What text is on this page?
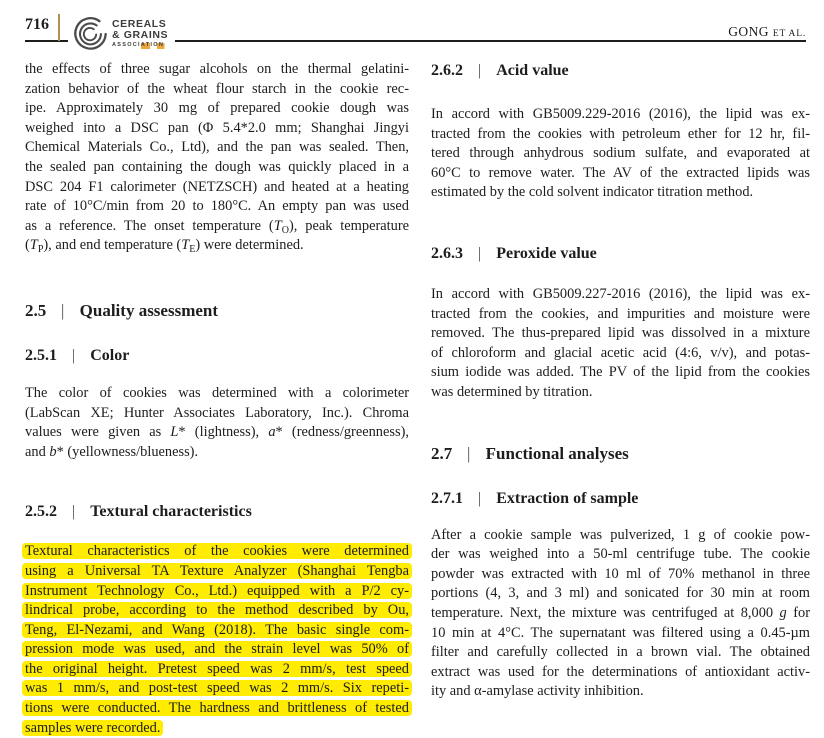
716	CEREALS
& GRAINS
ASSOCIATION
GONG ET AL.
the effects of three sugar alcohols on the thermal gelatini-
zation behavior of the wheat flour starch in the cookie rec-
ipe. Approximately 30 mg of prepared cookie dough was
weighed into a DSC pan (Φ 5.4*2.0 mm; Shanghai Jingyi
Chemical Materials Co., Ltd), and the pan was sealed. Then,
the sealed pan containing the dough was quickly placed in a
DSC 204 F1 calorimeter (NETZSCH) and heated at a heating
rate of 10°C/min from 20 to 180°C. An empty pan was used
as a reference. The onset temperature $(T_O)$, peak temperature
$(T_P)$, and end temperature $(T_E)$ were determined.
2.5 | Quality assessment
2.5.1 | Color
The color of cookies was determined with a colorimeter
(LabScan XE; Hunter Associates Laboratory, Inc.). Chroma
values were given as L* (lightness), a* (redness/greenness),
and b* (yellowness/blueness).
2.5.2 | Textural characteristics
Textural characteristics of the cookies were determined
using a Universal TA Texture Analyzer (Shanghai Tengba
Instrument Technology Co., Ltd.) equipped with a P/2 cy-
lindrical probe, according to the method described by Ou,
Teng, El-Nezami, and Wang (2018). The basic single com-
pression mode was used, and the strain level was 50% of
the original height. Pretest speed was 2 mm/s, test speed
was 1 mm/s, and post-test speed was 2 mm/s. Six repeti-
tions were conducted. The hardness and brittleness of tested
samples were recorded.
2.6.2 | Acid value
In accord with GB5009.229-2016 (2016), the lipid was ex-
tracted from the cookies with petroleum ether for 12 hr, fil-
tered through anhydrous sodium sulfate, and evaporated at
60°C to remove water. The AV of the extracted lipids was
estimated by the cold solvent indicator titration method.
2.6.3 | Peroxide value
In accord with GB5009.227-2016 (2016), the lipid was ex-
tracted from the cookies, and impurities and moisture were
removed. The thus-prepared lipid was dissolved in a mixture
of chloroform and glacial acetic acid (4:6, v/v), and potas-
sium iodide was added. The PV of the lipid from the cookies
was determined by titration.
2.7 | Functional analyses
2.7.1 | Extraction of sample
After a cookie sample was pulverized, 1 g of cookie pow-
der was weighed into a 50-ml centrifuge tube. The cookie
powder was extracted with 10 ml of 70% methanol in three
portions (4, 3, and 3 ml) and sonicated for 30 min at room
temperature. Next, the mixture was centrifuged at 8,000 g for
10 min at 4°C. The supernatant was filtered using a 0.45-µm
filter and carefully collected in a brown vial. The obtained
extract was used for the determinations of antioxidant activ-
ity and α-amylase activity inhibition.
